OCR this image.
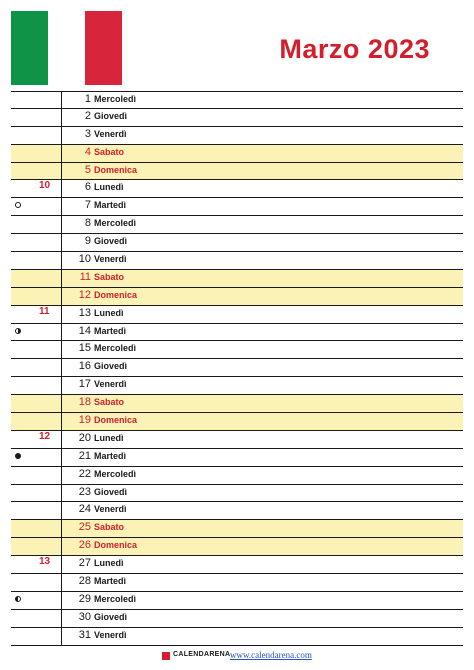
Marzo 2023
1 Mercoledì
2 Giovedì
3 Venerdì
4 Sabato
5 Domenica
10	6 Lunedì
7 Martedì
8 Mercoledì
9 Giovedì
10 Venerdì
11 Sabato
12 Domenica
11	13 Lunedì
14 Martedì
15 Mercoledì
16 Giovedì
17 Venerdì
18 Sabato
19 Domenica
12	20 Lunedì
21 Martedì
22 Mercoledì
23 Giovedì
24 Venerdì
25 Sabato
26 Domenica
13	27 Lunedì
28 Martedì
29 Mercoledì
30 Giovedì
31 Venerdì
CALENDARENA www.calendarena.com
